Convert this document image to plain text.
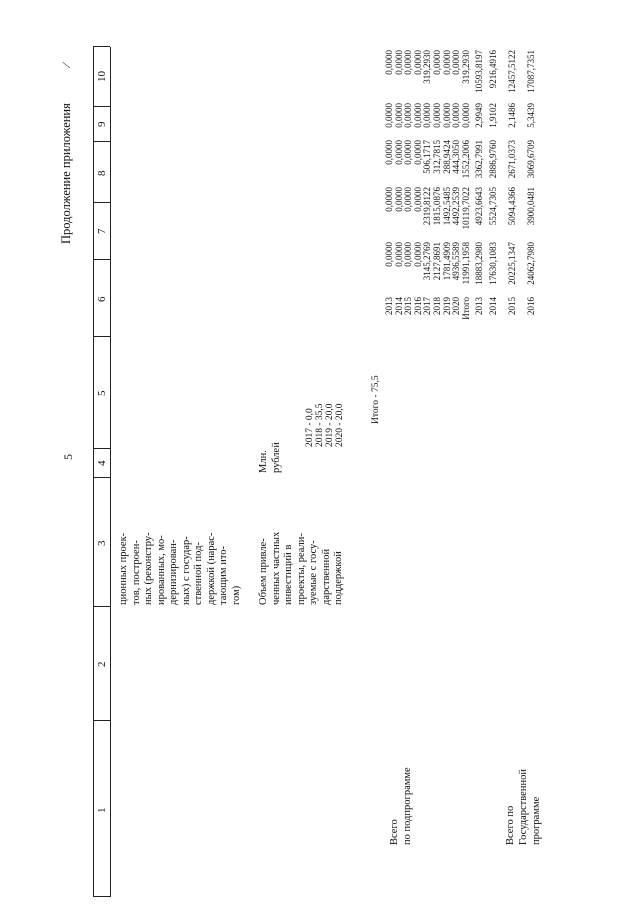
5
Продолжение приложения
⁄
1
2
3
4
5
6
7
8
9
10
ционных проек- тов, построен- ных (реконстру- ированных, мо- дернизирован- ных) с государ- ственной под- держкой (нарас- тающим ито- гом) Объем привле- ченных частных инвестиций в проекты, реали- зуемые с госу- дарственной поддержкой
Млн. рублей
2017 - 0,0 2018 - 35,5 2019 - 20,0 2020 - 20,0
Итого - 75,5
Всего по подпрограмме	Всего по Государственной программе
2013 2014 2015 2016 2017 2018 2019 2020 Итого
0,0000 0,0000 0,0000 0,0000 3145,2769 2127,8691 1781,4909 4936,5589 11991,1958
0,0000 0,0000 0,0000 0,0000 2319,8122 1815,0876 1492,5485 4492,2539 10119,7022
0,0000 0,0000 0,0000 0,0000 506,1717 312,7815 288,9424 444,3050 1552,2006
0,0000 0,0000 0,0000 0,0000 0,0000 0,0000 0,0000 0,0000 0,0000
0,0000 0,0000 0,0000 0,0000 319,2930 0,0000 0,0000 0,0000 319,2930
2013 2014 2015 2016
18883,2980 17630,1083 20225,1347 24062,7980
4923,6643 5524,7305 5094,4366 3900,0481
3362,7991 2886,9760 2671,0373 3069,6709
2,9949 1,9102 2,1486 5,3439
10593,8197 9216,4916 12457,5122 17087,7351
